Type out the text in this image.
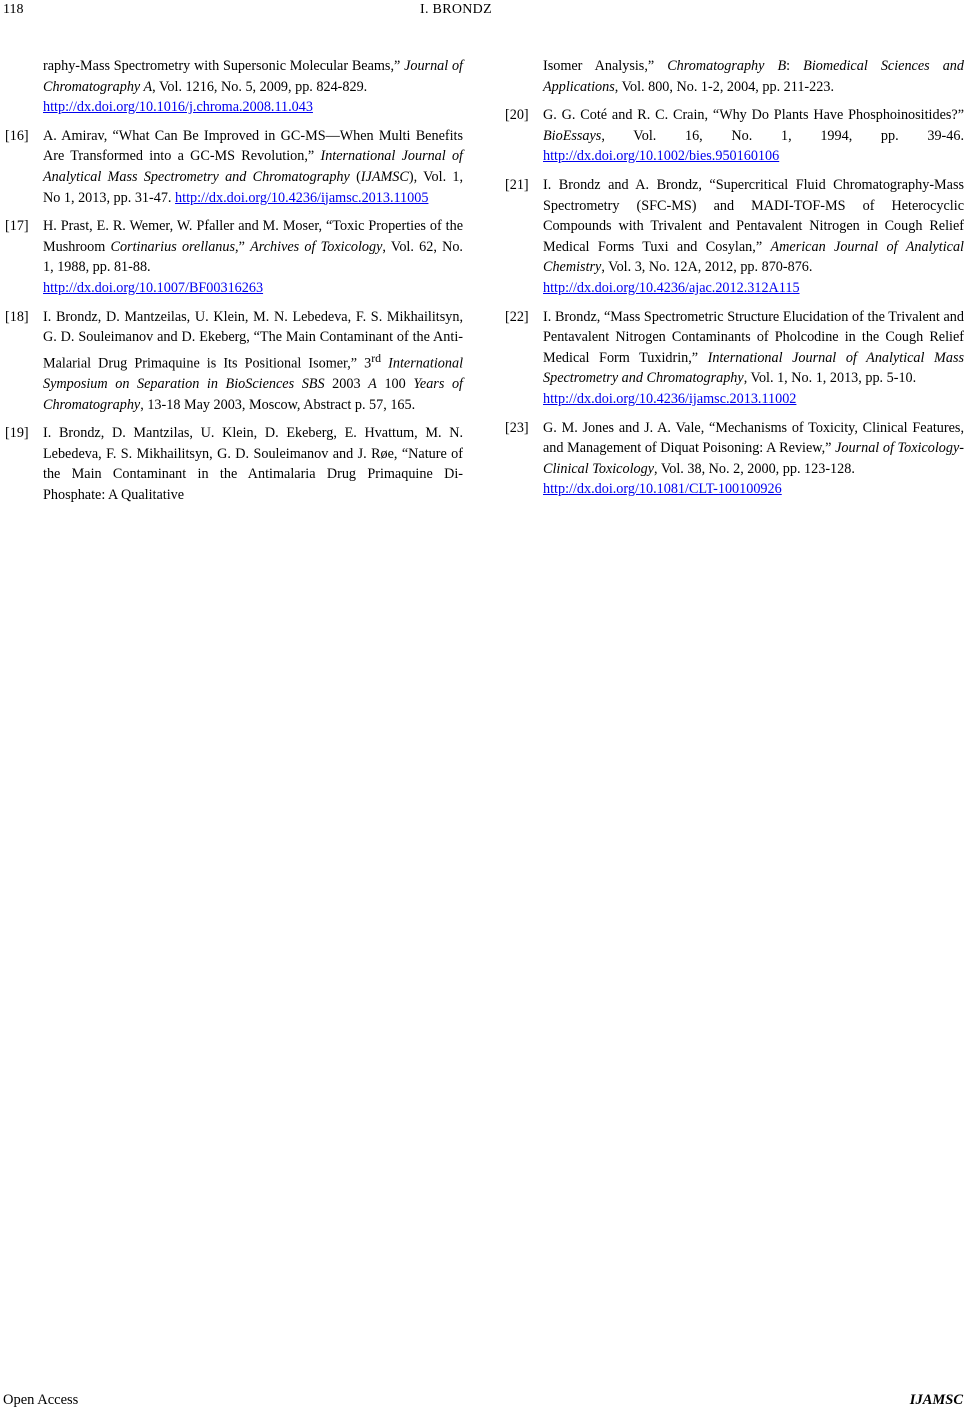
118	I. BRONDZ
raphy-Mass Spectrometry with Supersonic Molecular Beams,” Journal of Chromatography A, Vol. 1216, No. 5, 2009, pp. 824-829.
http://dx.doi.org/10.1016/j.chroma.2008.11.043
[16] A. Amirav, “What Can Be Improved in GC-MS—When Multi Benefits Are Transformed into a GC-MS Revolution,” International Journal of Analytical Mass Spectrometry and Chromatography (IJAMSC), Vol. 1, No 1, 2013, pp. 31-47. http://dx.doi.org/10.4236/ijamsc.2013.11005
[17] H. Prast, E. R. Wemer, W. Pfaller and M. Moser, “Toxic Properties of the Mushroom Cortinarius orellanus,” Archives of Toxicology, Vol. 62, No. 1, 1988, pp. 81-88.
http://dx.doi.org/10.1007/BF00316263
[18] I. Brondz, D. Mantzeilas, U. Klein, M. N. Lebedeva, F. S. Mikhailitsyn, G. D. Souleimanov and D. Ekeberg, “The Main Contaminant of the Anti-Malarial Drug Primaquine is Its Positional Isomer,” 3rd International Symposium on Separation in BioSciences SBS 2003 A 100 Years of Chromatography, 13-18 May 2003, Moscow, Abstract p. 57, 165.
[19] I. Brondz, D. Mantzilas, U. Klein, D. Ekeberg, E. Hvattum, M. N. Lebedeva, F. S. Mikhailitsyn, G. D. Souleimanov and J. Røe, “Nature of the Main Contaminant in the Antimalaria Drug Primaquine Di-Phosphate: A Qualitative
Isomer Analysis,” Chromatography B: Biomedical Sciences and Applications, Vol. 800, No. 1-2, 2004, pp. 211-223.
[20] G. G. Coté and R. C. Crain, “Why Do Plants Have Phosphoinositides?” BioEssays, Vol. 16, No. 1, 1994, pp. 39-46. http://dx.doi.org/10.1002/bies.950160106
[21] I. Brondz and A. Brondz, “Supercritical Fluid Chromatography-Mass Spectrometry (SFC-MS) and MADI-TOF-MS of Heterocyclic Compounds with Trivalent and Pentavalent Nitrogen in Cough Relief Medical Forms Tuxi and Cosylan,” American Journal of Analytical Chemistry, Vol. 3, No. 12A, 2012, pp. 870-876.
http://dx.doi.org/10.4236/ajac.2012.312A115
[22] I. Brondz, “Mass Spectrometric Structure Elucidation of the Trivalent and Pentavalent Nitrogen Contaminants of Pholcodine in the Cough Relief Medical Form Tuxidrin,” International Journal of Analytical Mass Spectrometry and Chromatography, Vol. 1, No. 1, 2013, pp. 5-10.
http://dx.doi.org/10.4236/ijamsc.2013.11002
[23] G. M. Jones and J. A. Vale, “Mechanisms of Toxicity, Clinical Features, and Management of Diquat Poisoning: A Review,” Journal of Toxicology-Clinical Toxicology, Vol. 38, No. 2, 2000, pp. 123-128.
http://dx.doi.org/10.1081/CLT-100100926
Open Access	IJAMSC
